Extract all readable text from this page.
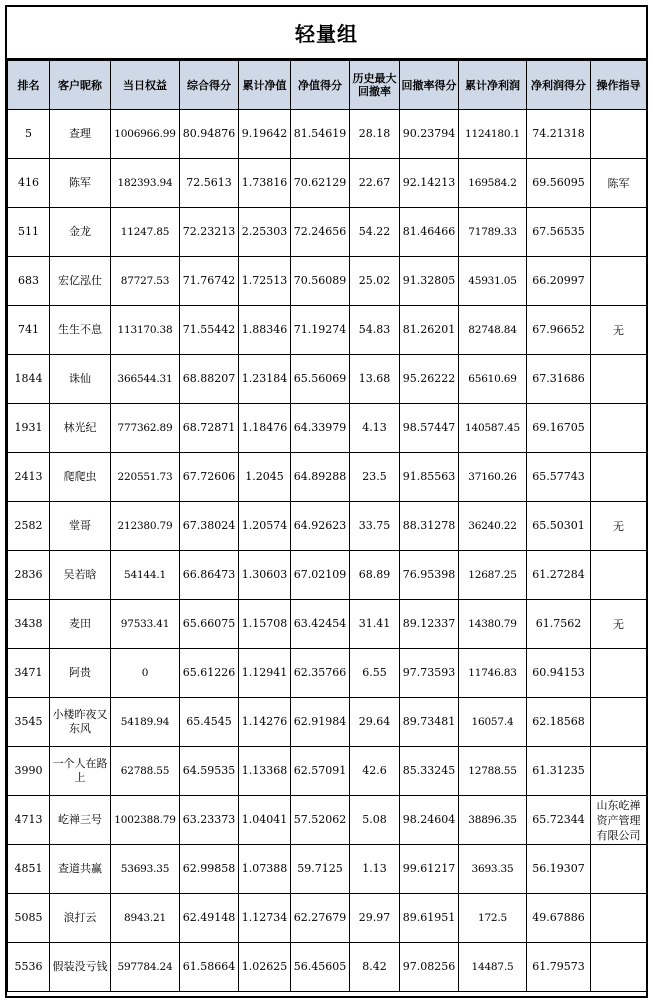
轻量组
排名	客户昵称	当日权益	综合得分	累计净值	净值得分	历史最大回撤率	回撤率得分	累计净利润	净利润得分	操作指导
5	查理	1006966.99	80.94876	9.19642	81.54619	28.18	90.23794	1124180.1	74.21318	
416	陈军	182393.94	72.5613	1.73816	70.62129	22.67	92.14213	169584.2	69.56095	陈军
511	金龙	11247.85	72.23213	2.25303	72.24656	54.22	81.46466	71789.33	67.56535	
683	宏亿泓仕	87727.53	71.76742	1.72513	70.56089	25.02	91.32805	45931.05	66.20997	
741	生生不息	113170.38	71.55442	1.88346	71.19274	54.83	81.26201	82748.84	67.96652	无
1844	诛仙	366544.31	68.88207	1.23184	65.56069	13.68	95.26222	65610.69	67.31686	
1931	林光纪	777362.89	68.72871	1.18476	64.33979	4.13	98.57447	140587.45	69.16705	
2413	爬爬虫	220551.73	67.72606	1.2045	64.89288	23.5	91.85563	37160.26	65.57743	
2582	堂哥	212380.79	67.38024	1.20574	64.92623	33.75	88.31278	36240.22	65.50301	无
2836	吴若晗	54144.1	66.86473	1.30603	67.02109	68.89	76.95398	12687.25	61.27284	
3438	麦田	97533.41	65.66075	1.15708	63.42454	31.41	89.12337	14380.79	61.7562	无
3471	阿贵	0	65.61226	1.12941	62.35766	6.55	97.73593	11746.83	60.94153	
3545	小楼昨夜又东风	54189.94	65.4545	1.14276	62.91984	29.64	89.73481	16057.4	62.18568	
3990	一个人在路上	62788.55	64.59535	1.13368	62.57091	42.6	85.33245	12788.55	61.31235	
4713	屹禅三号	1002388.79	63.23373	1.04041	57.52062	5.08	98.24604	38896.35	65.72344	山东屹禅资产管理有限公司
4851	查道共赢	53693.35	62.99858	1.07388	59.7125	1.13	99.61217	3693.35	56.19307	
5085	浪打云	8943.21	62.49148	1.12734	62.27679	29.97	89.61951	172.5	49.67886	
5536	假装没亏钱	597784.24	61.58664	1.02625	56.45605	8.42	97.08256	14487.5	61.79573	
